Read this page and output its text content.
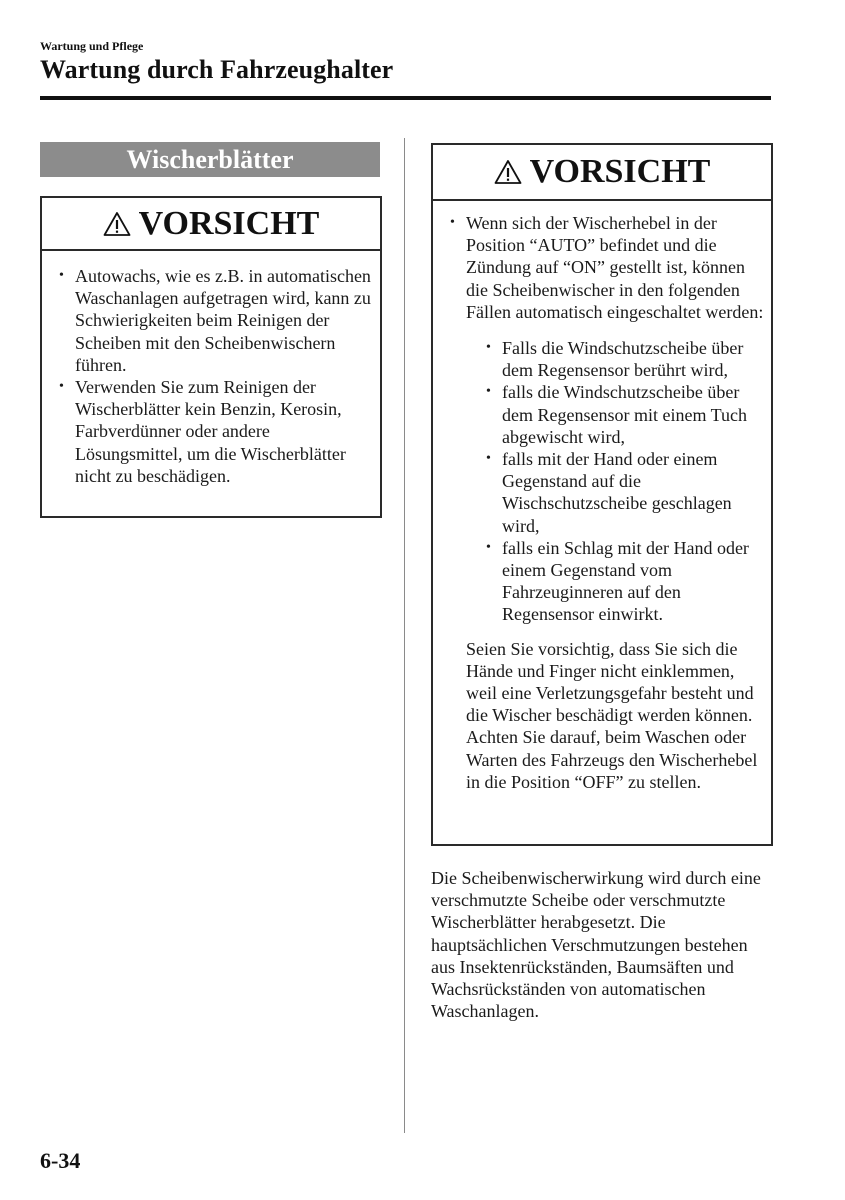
Wartung und Pflege
Wartung durch Fahrzeughalter
Wischerblätter
VORSICHT
• Autowachs, wie es z.B. in automatischen Waschanlagen aufgetragen wird, kann zu Schwierigkeiten beim Reinigen der Scheiben mit den Scheibenwischern führen.
• Verwenden Sie zum Reinigen der Wischerblätter kein Benzin, Kerosin, Farbverdünner oder andere Lösungsmittel, um die Wischerblätter nicht zu beschädigen.
VORSICHT
• Wenn sich der Wischerhebel in der Position “AUTO” befindet und die Zündung auf “ON” gestellt ist, können die Scheibenwischer in den folgenden Fällen automatisch eingeschaltet werden:
• Falls die Windschutzscheibe über dem Regensensor berührt wird,
• falls die Windschutzscheibe über dem Regensensor mit einem Tuch abgewischt wird,
• falls mit der Hand oder einem Gegenstand auf die Wischschutzscheibe geschlagen wird,
• falls ein Schlag mit der Hand oder einem Gegenstand vom Fahrzeuginneren auf den Regensensor einwirkt.
Seien Sie vorsichtig, dass Sie sich die Hände und Finger nicht einklemmen, weil eine Verletzungsgefahr besteht und die Wischer beschädigt werden können. Achten Sie darauf, beim Waschen oder Warten des Fahrzeugs den Wischerhebel in die Position “OFF” zu stellen.
Die Scheibenwischerwirkung wird durch eine verschmutzte Scheibe oder verschmutzte Wischerblätter herabgesetzt. Die hauptsächlichen Verschmutzungen bestehen aus Insektenrückständen, Baumsäften und Wachsrückständen von automatischen Waschanlagen.
6-34
